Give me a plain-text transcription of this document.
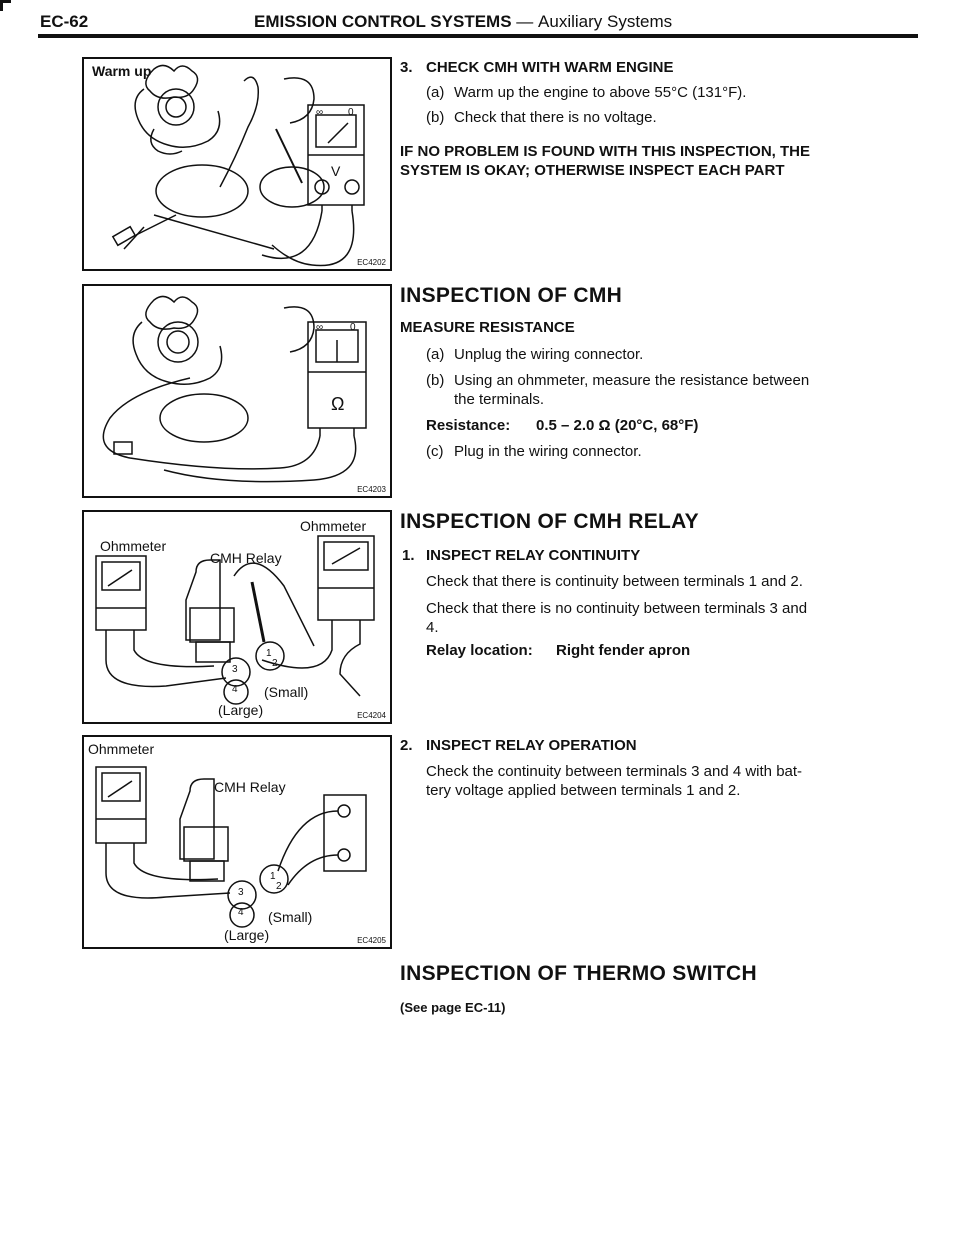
EC-62	EMISSION CONTROL SYSTEMS — Auxiliary Systems
Warm up
∞ 0
V
EC4202
∞	0
Ω
EC4203
Ohmmeter
Ohmmeter
CMH Relay
(Small)
(Large)
1
2
3
4
EC4204
Ohmmeter
CMH Relay
(Small)
(Large)
1
2
3
4
EC4205
3. CHECK CMH WITH WARM ENGINE
(a) Warm up the engine to above 55°C (131°F).
(b) Check that there is no voltage.
IF NO PROBLEM IS FOUND WITH THIS INSPECTION, THE
SYSTEM IS OKAY; OTHERWISE INSPECT EACH PART
INSPECTION OF CMH
MEASURE RESISTANCE
(a) Unplug the wiring connector.
(b) Using an ohmmeter, measure the resistance between
the terminals.
Resistance: 0.5 – 2.0 Ω (20°C, 68°F)
(c) Plug in the wiring connector.
INSPECTION OF CMH RELAY
1. INSPECT RELAY CONTINUITY
Check that there is continuity between terminals 1 and 2.
Check that there is no continuity between terminals 3 and
4.
Relay location: Right fender apron
2. INSPECT RELAY OPERATION
Check the continuity between terminals 3 and 4 with bat-
tery voltage applied between terminals 1 and 2.
INSPECTION OF THERMO SWITCH
(See page EC-11)
